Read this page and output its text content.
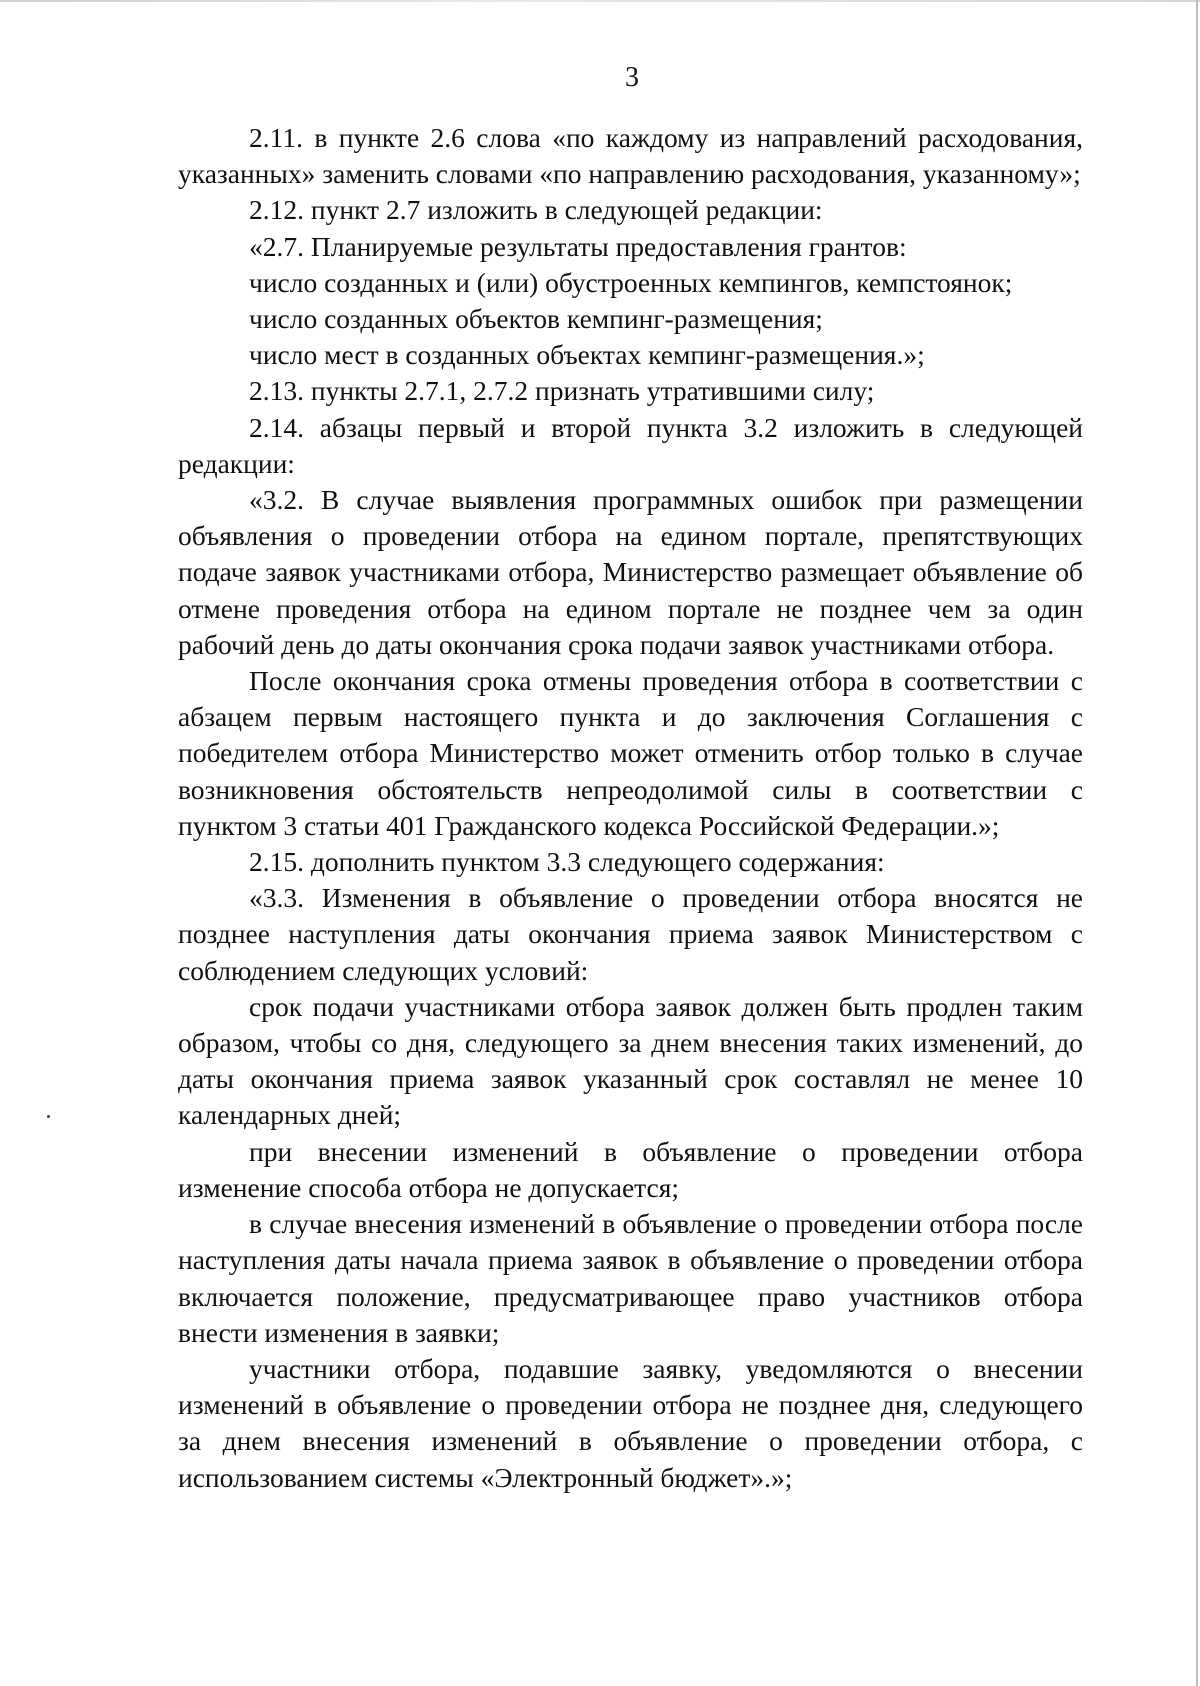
3

2.11. в пункте 2.6 слова «по каждому из направлений расходования, указанных» заменить словами «по направлению расходования, указанному»;

2.12. пункт 2.7 изложить в следующей редакции:

«2.7. Планируемые результаты предоставления грантов:

число созданных и (или) обустроенных кемпингов, кемпстоянок;

число созданных объектов кемпинг-размещения;

число мест в созданных объектах кемпинг-размещения.»;

2.13. пункты 2.7.1, 2.7.2 признать утратившими силу;

2.14. абзацы первый и второй пункта 3.2 изложить в следующей редакции:

«3.2. В случае выявления программных ошибок при размещении объявления о проведении отбора на едином портале, препятствующих подаче заявок участниками отбора, Министерство размещает объявление об отмене проведения отбора на едином портале не позднее чем за один рабочий день до даты окончания срока подачи заявок участниками отбора.

После окончания срока отмены проведения отбора в соответствии с абзацем первым настоящего пункта и до заключения Соглашения с победителем отбора Министерство может отменить отбор только в случае возникновения обстоятельств непреодолимой силы в соответствии с пунктом 3 статьи 401 Гражданского кодекса Российской Федерации.»;

2.15. дополнить пунктом 3.3 следующего содержания:

«3.3. Изменения в объявление о проведении отбора вносятся не позднее наступления даты окончания приема заявок Министерством с соблюдением следующих условий:

срок подачи участниками отбора заявок должен быть продлен таким образом, чтобы со дня, следующего за днем внесения таких изменений, до даты окончания приема заявок указанный срок составлял не менее 10 календарных дней;

при внесении изменений в объявление о проведении отбора изменение способа отбора не допускается;

в случае внесения изменений в объявление о проведении отбора после наступления даты начала приема заявок в объявление о проведении отбора включается положение, предусматривающее право участников отбора внести изменения в заявки;

участники отбора, подавшие заявку, уведомляются о внесении изменений в объявление о проведении отбора не позднее дня, следующего за днем внесения изменений в объявление о проведении отбора, с использованием системы «Электронный бюджет».»;
